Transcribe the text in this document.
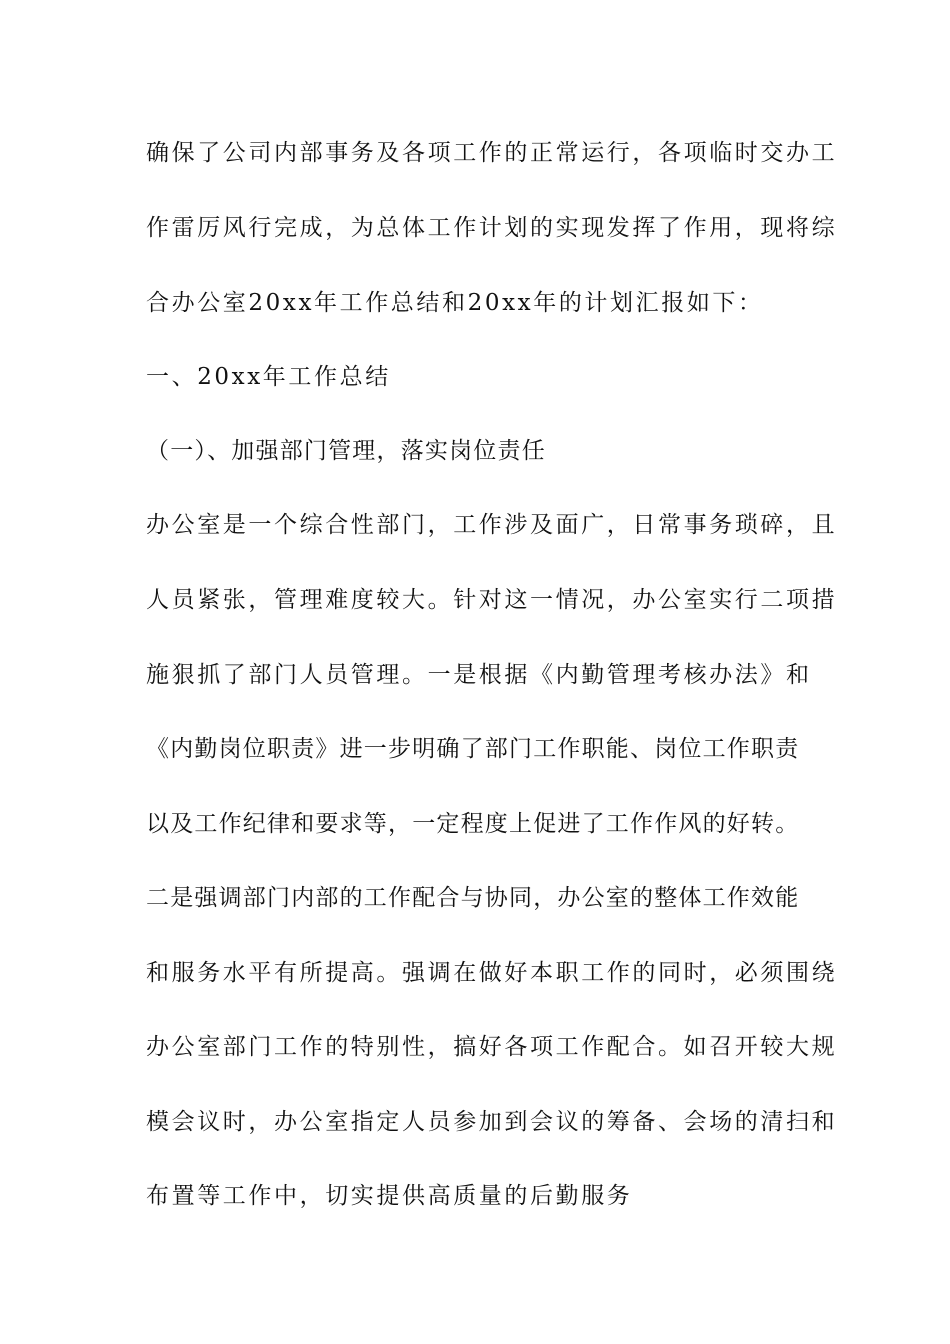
确保了公司内部事务及各项工作的正常运行，各项临时交办工
作雷厉风行完成，为总体工作计划的实现发挥了作用，现将综
合办公室20xx年工作总结和20xx年的计划汇报如下：
一、20xx年工作总结
（一）、加强部门管理，落实岗位责任
办公室是一个综合性部门，工作涉及面广，日常事务琐碎，且
人员紧张，管理难度较大。针对这一情况，办公室实行二项措
施狠抓了部门人员管理。一是根据《内勤管理考核办法》和
《内勤岗位职责》进一步明确了部门工作职能、岗位工作职责
以及工作纪律和要求等，一定程度上促进了工作作风的好转。
二是强调部门内部的工作配合与协同，办公室的整体工作效能
和服务水平有所提高。强调在做好本职工作的同时，必须围绕
办公室部门工作的特别性，搞好各项工作配合。如召开较大规
模会议时，办公室指定人员参加到会议的筹备、会场的清扫和
布置等工作中，切实提供高质量的后勤服务
